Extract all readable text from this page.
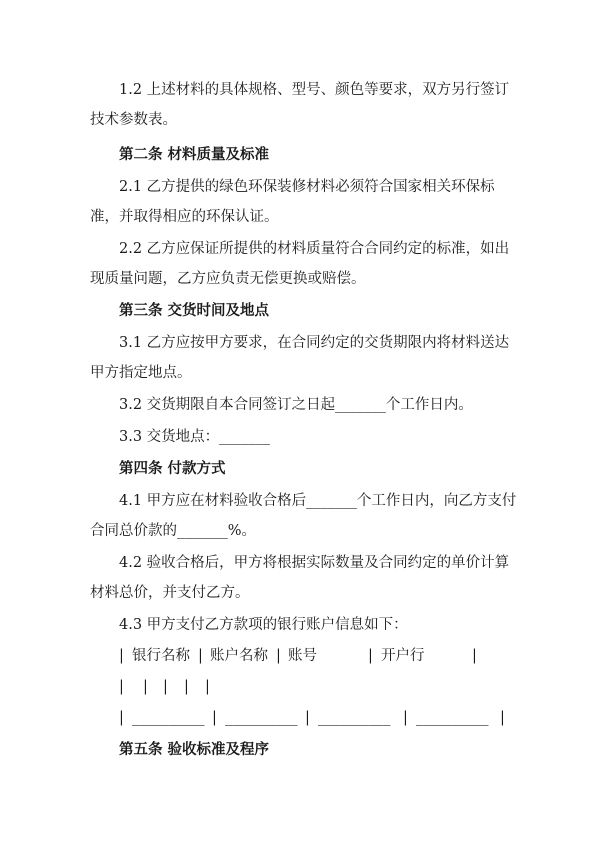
1.2 上述材料的具体规格、型号、颜色等要求，双方另行签订

技术参数表。

第二条 材料质量及标准

2.1 乙方提供的绿色环保装修材料必须符合国家相关环保标

准，并取得相应的环保认证。

2.2 乙方应保证所提供的材料质量符合合同约定的标准，如出

现质量问题，乙方应负责无偿更换或赔偿。

第三条 交货时间及地点

3.1 乙方应按甲方要求，在合同约定的交货期限内将材料送达

甲方指定地点。

3.2 交货期限自本合同签订之日起_______个工作日内。

3.3 交货地点：_______

第四条 付款方式

4.1 甲方应在材料验收合格后_______个工作日内，向乙方支付

合同总价款的_______%。

4.2 验收合格后，甲方将根据实际数量及合同约定的单价计算

材料总价，并支付乙方。

4.3 甲方支付乙方款项的银行账户信息如下：

| 银行名称 | 账户名称 | 账号	| 开户行	|
| | | | |
| __________ | __________ | __________ | __________ |

第五条 验收标准及程序
